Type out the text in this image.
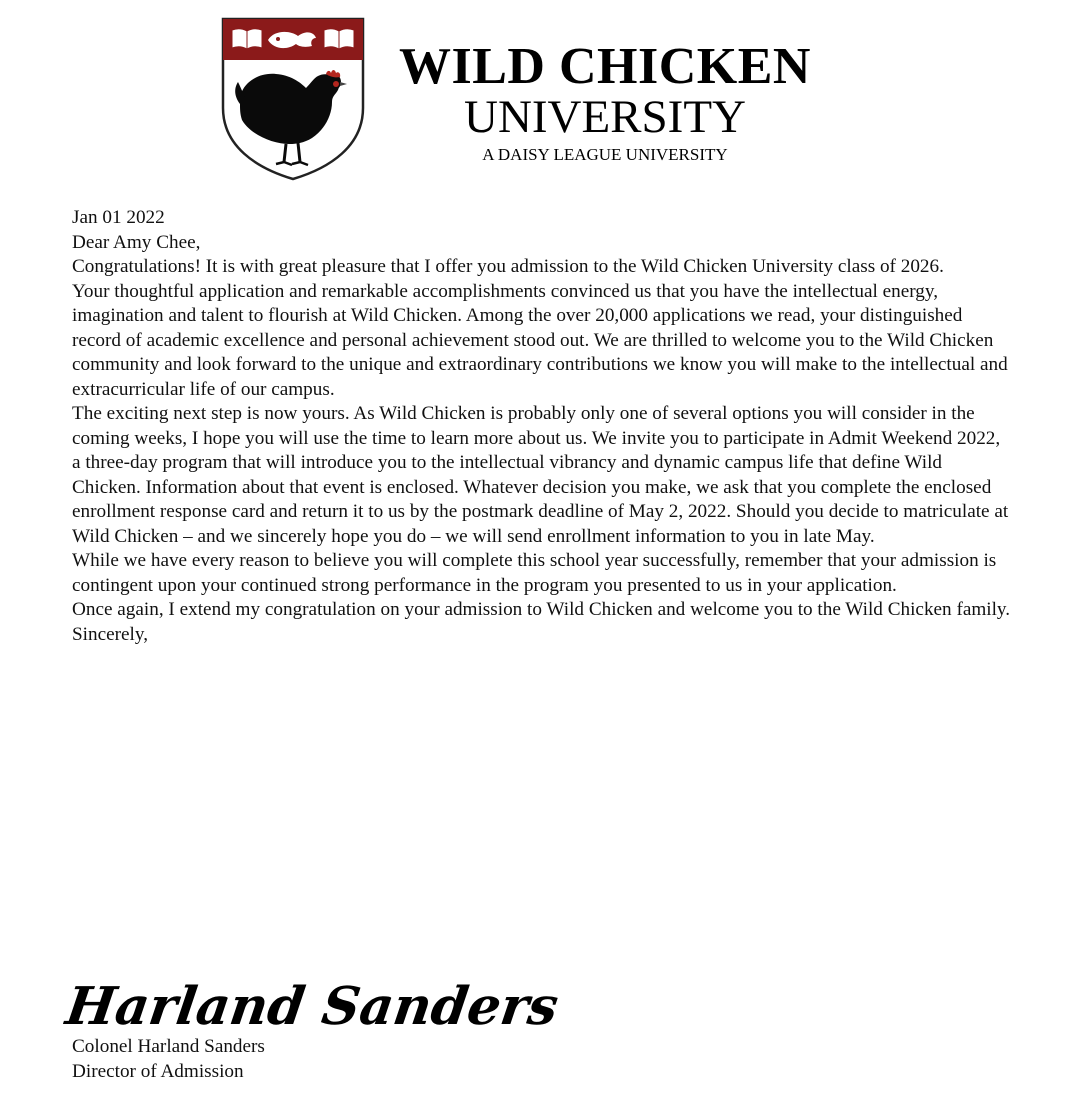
WILD CHICKEN
UNIVERSITY
A DAISY LEAGUE UNIVERSITY

Jan 01 2022

Dear Amy Chee,

Congratulations! It is with great pleasure that I offer you admission to the Wild Chicken University class of 2026.

Your thoughtful application and remarkable accomplishments convinced us that you have the intellectual energy, imagination and talent to flourish at Wild Chicken. Among the over 20,000 applications we read, your distinguished record of academic excellence and personal achievement stood out. We are thrilled to welcome you to the Wild Chicken community and look forward to the unique and extraordinary contributions we know you will make to the intellectual and extracurricular life of our campus.

The exciting next step is now yours. As Wild Chicken is probably only one of several options you will consider in the coming weeks, I hope you will use the time to learn more about us. We invite you to participate in Admit Weekend 2022, a three-day program that will introduce you to the intellectual vibrancy and dynamic campus life that define Wild Chicken. Information about that event is enclosed. Whatever decision you make, we ask that you complete the enclosed enrollment response card and return it to us by the postmark deadline of May 2, 2022. Should you decide to matriculate at Wild Chicken – and we sincerely hope you do – we will send enrollment information to you in late May.

While we have every reason to believe you will complete this school year successfully, remember that your admission is contingent upon your continued strong performance in the program you presented to us in your application.

Once again, I extend my congratulation on your admission to Wild Chicken and welcome you to the Wild Chicken family.

Sincerely,

Harland Sanders
Colonel Harland Sanders
Director of Admission
